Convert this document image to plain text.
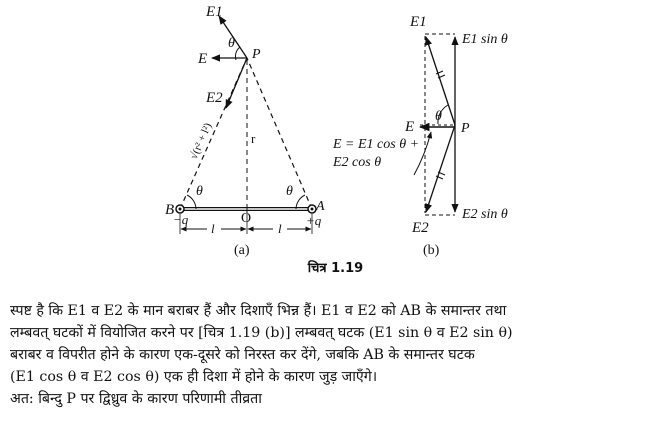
E1
θ
P
E
E2
√(r² + l²)	r
θ	θ
B
−q
A
+q
O
l	l
(a)
E1
E1 sin θ
θ
E	P
E = E1 cos θ +
E2 cos θ
E2 sin θ
E2
(b)
चित्र 1.19

स्पष्ट है कि E1 व E2 के मान बराबर हैं और दिशाएँ भिन्न हैं। E1 व E2 को AB के समान्तर तथा

लम्बवत् घटकों में वियोजित करने पर [चित्र 1.19 (b)] लम्बवत् घटक (E1 sin θ व E2 sin θ)

बराबर व विपरीत होने के कारण एक-दूसरे को निरस्त कर देंगे, जबकि AB के समान्तर घटक

(E1 cos θ व E2 cos θ) एक ही दिशा में होने के कारण जुड़ जाएँगे।

अत: बिन्दु P पर द्विध्रुव के कारण परिणामी तीव्रता
